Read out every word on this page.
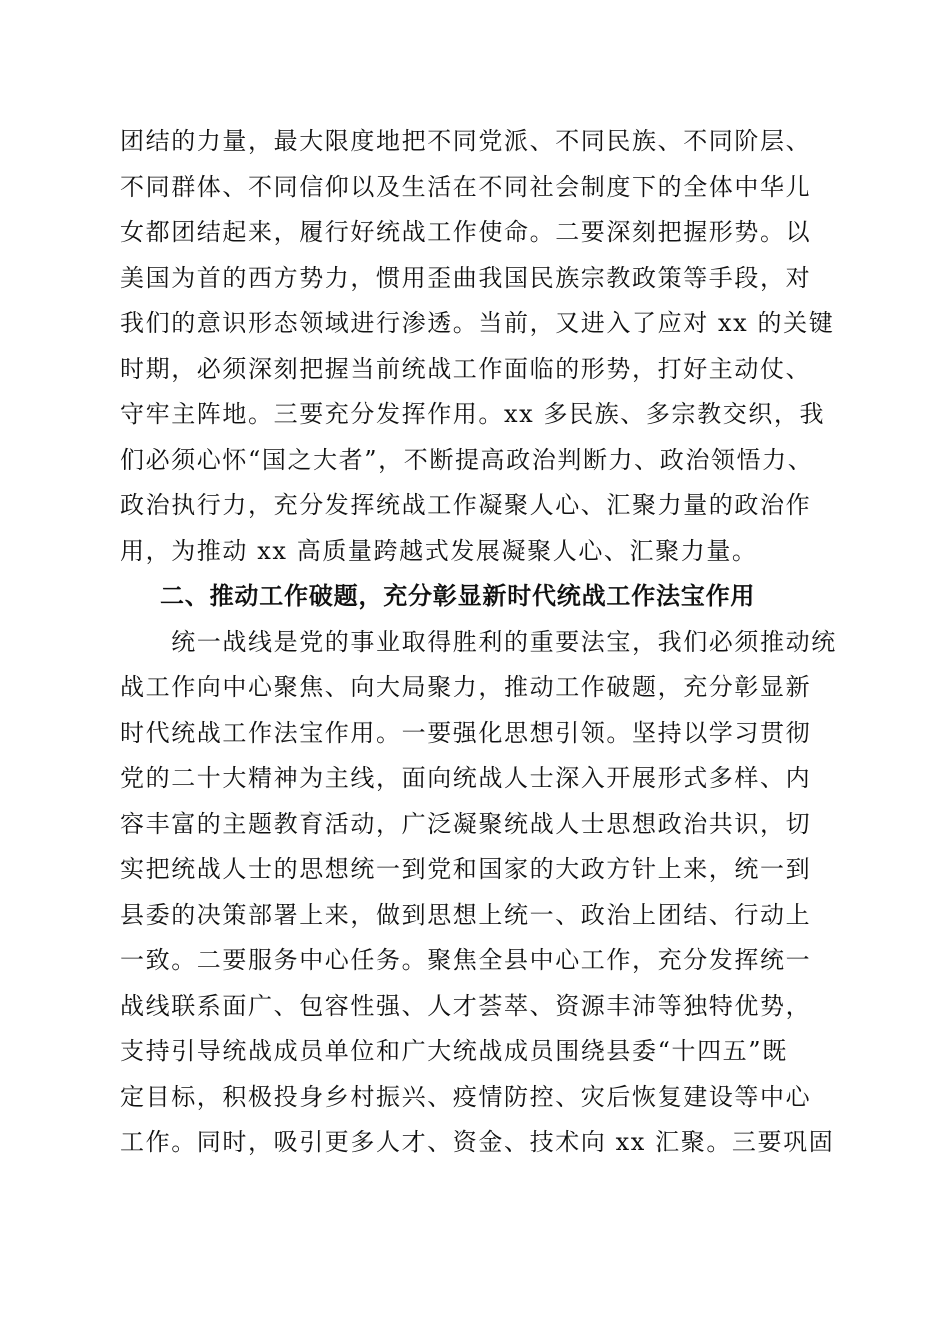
团结的力量，最大限度地把不同党派、不同民族、不同阶层、
不同群体、不同信仰以及生活在不同社会制度下的全体中华儿
女都团结起来，履行好统战工作使命。二要深刻把握形势。以
美国为首的西方势力，惯用歪曲我国民族宗教政策等手段，对
我们的意识形态领域进行渗透。当前，又进入了应对 xx 的关键
时期，必须深刻把握当前统战工作面临的形势，打好主动仗、
守牢主阵地。三要充分发挥作用。xx 多民族、多宗教交织，我
们必须心怀“国之大者”，不断提高政治判断力、政治领悟力、
政治执行力，充分发挥统战工作凝聚人心、汇聚力量的政治作
用，为推动 xx 高质量跨越式发展凝聚人心、汇聚力量。
二、推动工作破题，充分彰显新时代统战工作法宝作用
　　统一战线是党的事业取得胜利的重要法宝，我们必须推动统
战工作向中心聚焦、向大局聚力，推动工作破题，充分彰显新
时代统战工作法宝作用。一要强化思想引领。坚持以学习贯彻
党的二十大精神为主线，面向统战人士深入开展形式多样、内
容丰富的主题教育活动，广泛凝聚统战人士思想政治共识，切
实把统战人士的思想统一到党和国家的大政方针上来，统一到
县委的决策部署上来，做到思想上统一、政治上团结、行动上
一致。二要服务中心任务。聚焦全县中心工作，充分发挥统一
战线联系面广、包容性强、人才荟萃、资源丰沛等独特优势，
支持引导统战成员单位和广大统战成员围绕县委“十四五”既
定目标，积极投身乡村振兴、疫情防控、灾后恢复建设等中心
工作。同时，吸引更多人才、资金、技术向 xx 汇聚。三要巩固
